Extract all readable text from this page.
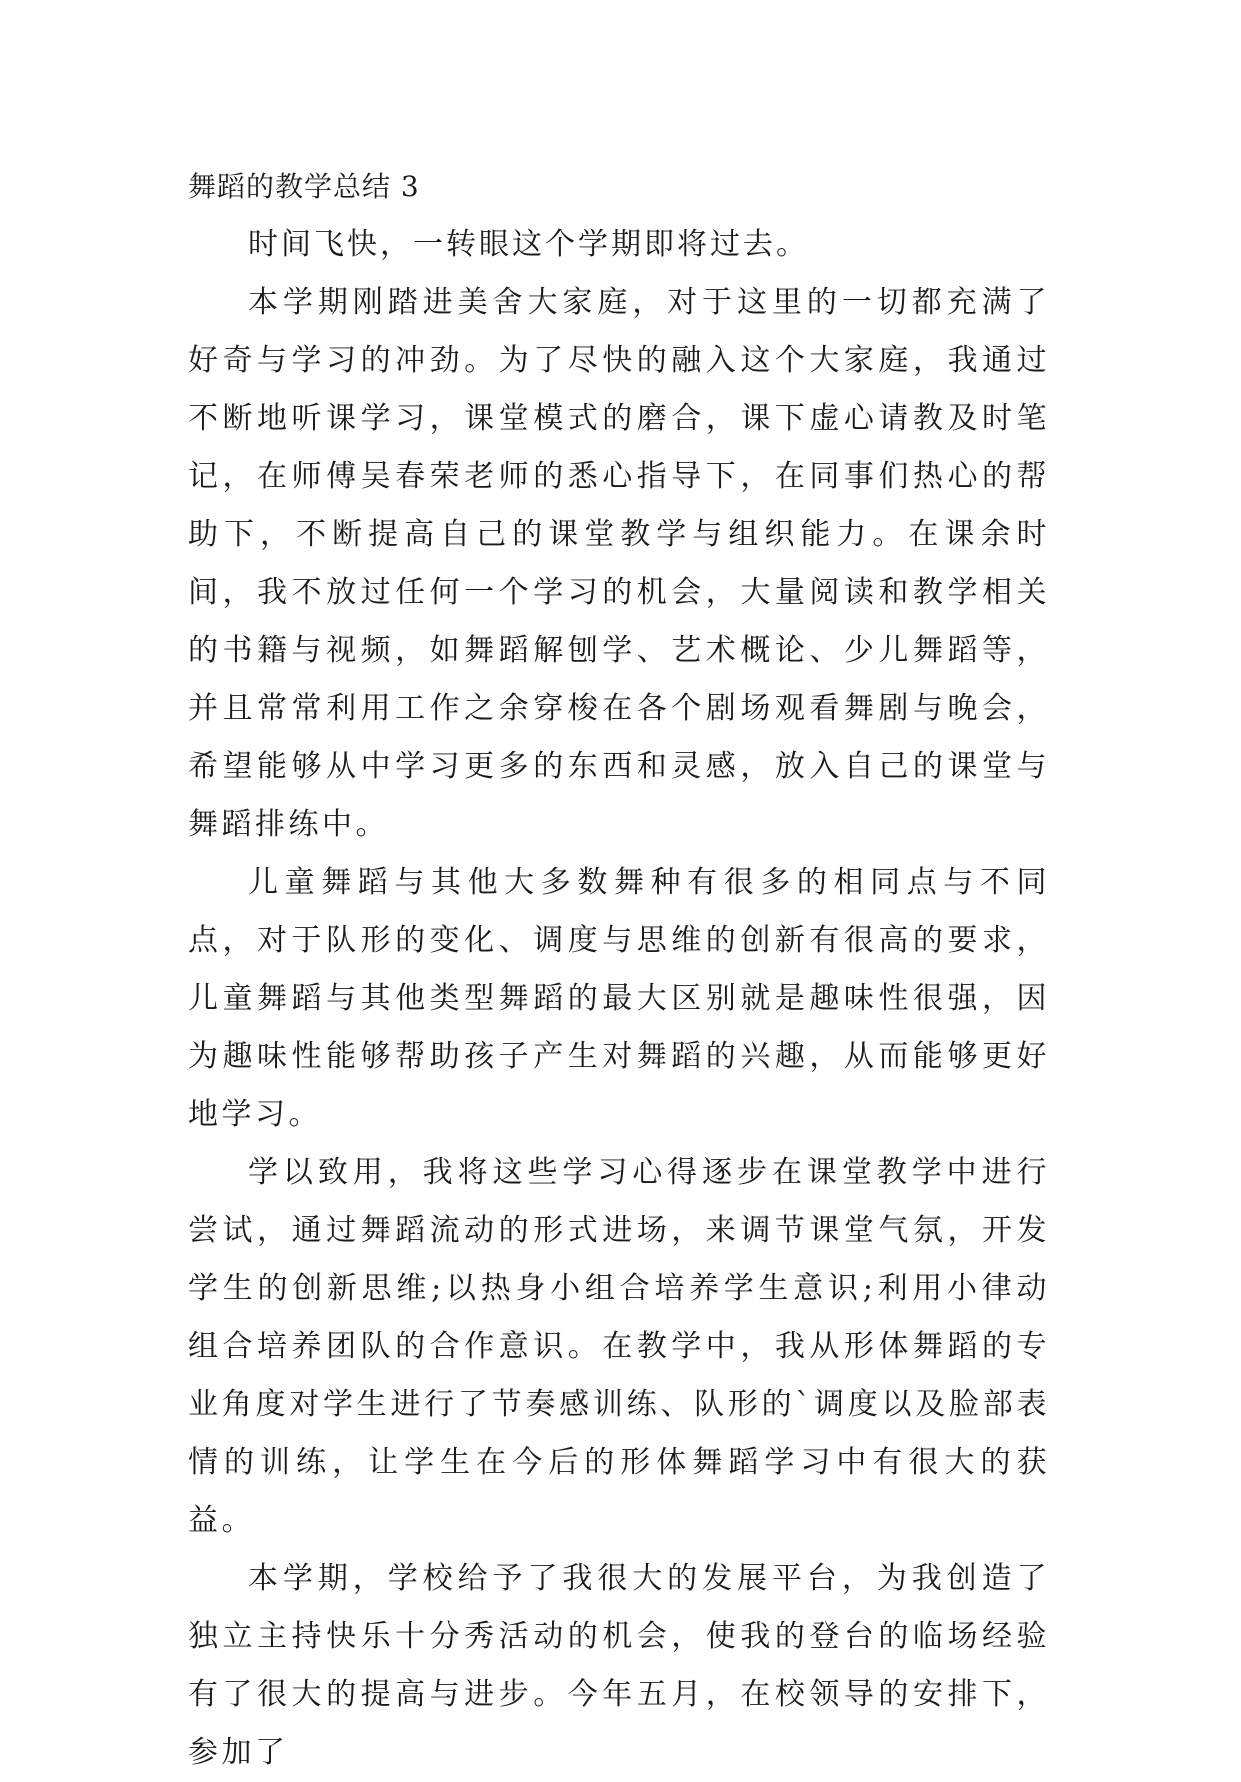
舞蹈的教学总结 3

时间飞快，一转眼这个学期即将过去。

本学期刚踏进美舍大家庭，对于这里的一切都充满了好奇与学习的冲劲。为了尽快的融入这个大家庭，我通过不断地听课学习，课堂模式的磨合，课下虚心请教及时笔记，在师傅吴春荣老师的悉心指导下，在同事们热心的帮助下，不断提高自己的课堂教学与组织能力。在课余时间，我不放过任何一个学习的机会，大量阅读和教学相关的书籍与视频，如舞蹈解刨学、艺术概论、少儿舞蹈等，并且常常利用工作之余穿梭在各个剧场观看舞剧与晚会，希望能够从中学习更多的东西和灵感，放入自己的课堂与舞蹈排练中。

儿童舞蹈与其他大多数舞种有很多的相同点与不同点，对于队形的变化、调度与思维的创新有很高的要求，儿童舞蹈与其他类型舞蹈的最大区别就是趣味性很强，因为趣味性能够帮助孩子产生对舞蹈的兴趣，从而能够更好地学习。

学以致用，我将这些学习心得逐步在课堂教学中进行尝试，通过舞蹈流动的形式进场，来调节课堂气氛，开发学生的创新思维;以热身小组合培养学生意识;利用小律动组合培养团队的合作意识。在教学中，我从形体舞蹈的专业角度对学生进行了节奏感训练、队形的`调度以及脸部表情的训练，让学生在今后的形体舞蹈学习中有很大的获益。

本学期，学校给予了我很大的发展平台，为我创造了独立主持快乐十分秀活动的机会，使我的登台的临场经验有了很大的提高与进步。今年五月，在校领导的安排下，参加了
